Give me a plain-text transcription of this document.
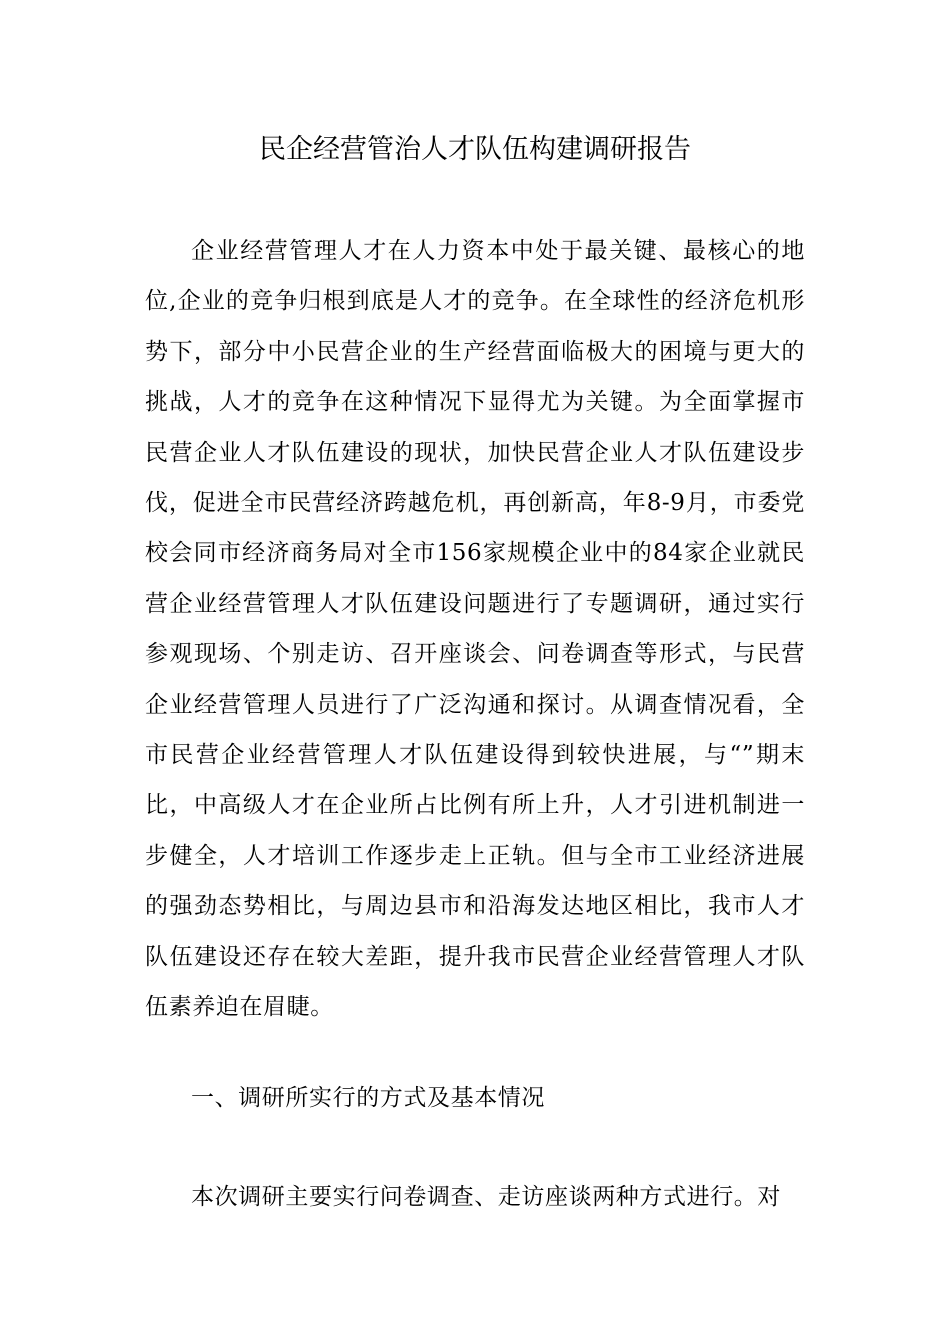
民企经营管治人才队伍构建调研报告

企业经营管理人才在人力资本中处于最关键、最核心的地位,企业的竞争归根到底是人才的竞争。在全球性的经济危机形势下，部分中小民营企业的生产经营面临极大的困境与更大的挑战，人才的竞争在这种情况下显得尤为关键。为全面掌握市民营企业人才队伍建设的现状，加快民营企业人才队伍建设步伐，促进全市民营经济跨越危机，再创新高，年8-9月，市委党校会同市经济商务局对全市156家规模企业中的84家企业就民营企业经营管理人才队伍建设问题进行了专题调研，通过实行参观现场、个别走访、召开座谈会、问卷调查等形式，与民营企业经营管理人员进行了广泛沟通和探讨。从调查情况看，全市民营企业经营管理人才队伍建设得到较快进展，与“”期末比，中高级人才在企业所占比例有所上升，人才引进机制进一步健全，人才培训工作逐步走上正轨。但与全市工业经济进展的强劲态势相比，与周边县市和沿海发达地区相比，我市人才队伍建设还存在较大差距，提升我市民营企业经营管理人才队伍素养迫在眉睫。

一、调研所实行的方式及基本情况

本次调研主要实行问卷调查、走访座谈两种方式进行。对
